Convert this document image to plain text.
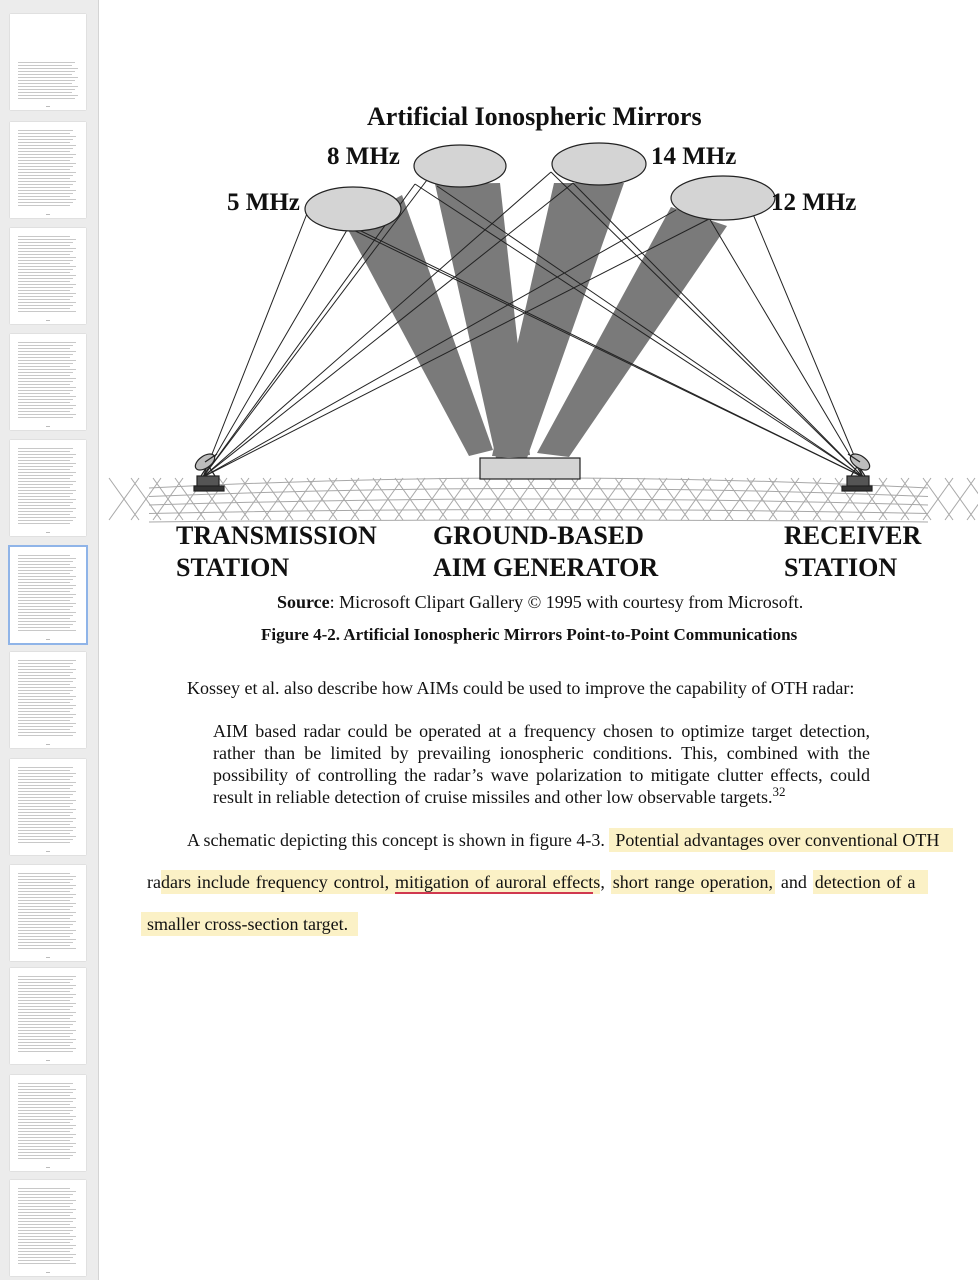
Artificial Ionospheric Mirrors
8 MHz	14 MHz
5 MHz	12 MHz
TRANSMISSION
STATION
GROUND-BASED
AIM GENERATOR
RECEIVER
STATION
Source: Microsoft Clipart Gallery © 1995 with courtesy from Microsoft.
Figure 4-2. Artificial Ionospheric Mirrors Point-to-Point Communications
Kossey et al. also describe how AIMs could be used to improve the capability of OTH radar:
AIM based radar could be operated at a frequency chosen to optimize target detection, rather than be limited by prevailing ionospheric conditions. This, combined with the possibility of controlling the radar’s wave polarization to mitigate clutter effects, could result in reliable detection of cruise missiles and other low observable targets.$^{32}$
A schematic depicting this concept is shown in figure 4-3. Potential advantages over conventional OTH
radars include frequency control, mitigation of auroral effects, short range operation, and detection of a
smaller cross-section target.
